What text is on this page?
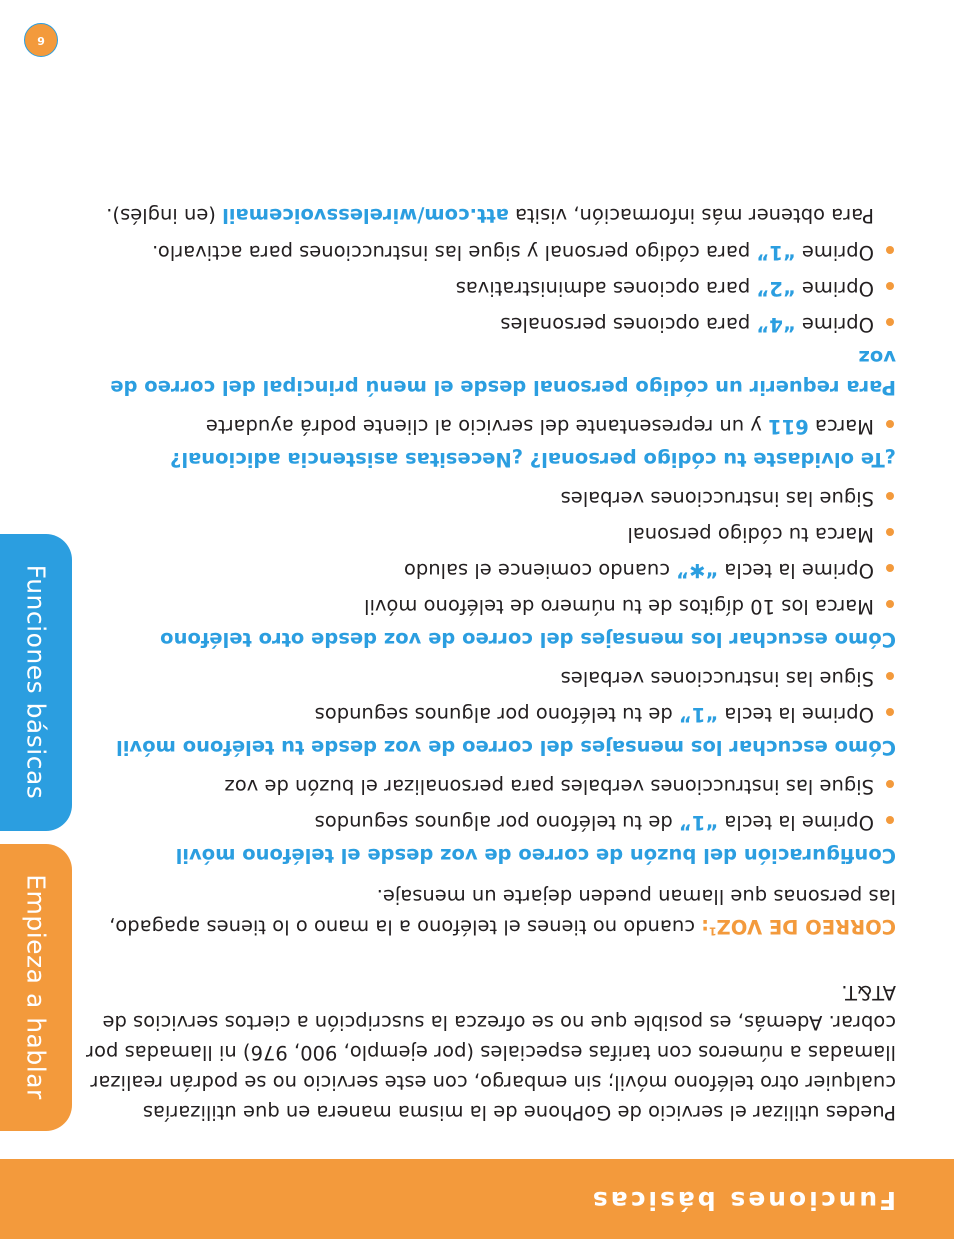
Funciones básicas
Empieza a hablar
Funciones básicas

Puedes utilizar el servicio de GoPhone de la misma manera en que utilizarías cualquier otro teléfono móvil; sin embargo, con este servicio no se podrán realizar llamadas a números con tarifas especiales (por ejemplo, 900, 976) ni llamadas por cobrar. Además, es posible que no se ofrezca la suscripción a ciertos servicios de AT&T.

CORREO DE VOZ$^1$: cuando no tienes el teléfono a la mano o lo tienes apagado, las personas que llaman pueden dejarte un mensaje.

Configuración del buzón de correo de voz desde el teléfono móvil

Oprime la tecla “1” de tu teléfono por algunos segundos
Sigue las instrucciones verbales para personalizar el buzón de voz

Cómo escuchar los mensajes del correo de voz desde tu teléfono móvil

Oprime la tecla “1” de tu teléfono por algunos segundos
Sigue las instrucciones verbales

Cómo escuchar los mensajes del correo de voz desde otro teléfono

Marca los 10 dígitos de tu número de teléfono móvil
Oprime la tecla “✱” cuando comience el saludo
Marca tu código personal
Sigue las instrucciones verbales

¿Te olvidaste tu código personal? ¿Necesitas asistencia adicional?

Marca 611 y un representante del servicio al cliente podrá ayudarte

Para requerir un código personal desde el menú principal del correo de voz

Oprime “4” para opciones personales
Oprime “2” para opciones administrativas
Oprime “1” para código personal y sigue las instrucciones para activarlo.

Para obtener más información, visita att.com/wirelessvoicemail (en inglés).

6
